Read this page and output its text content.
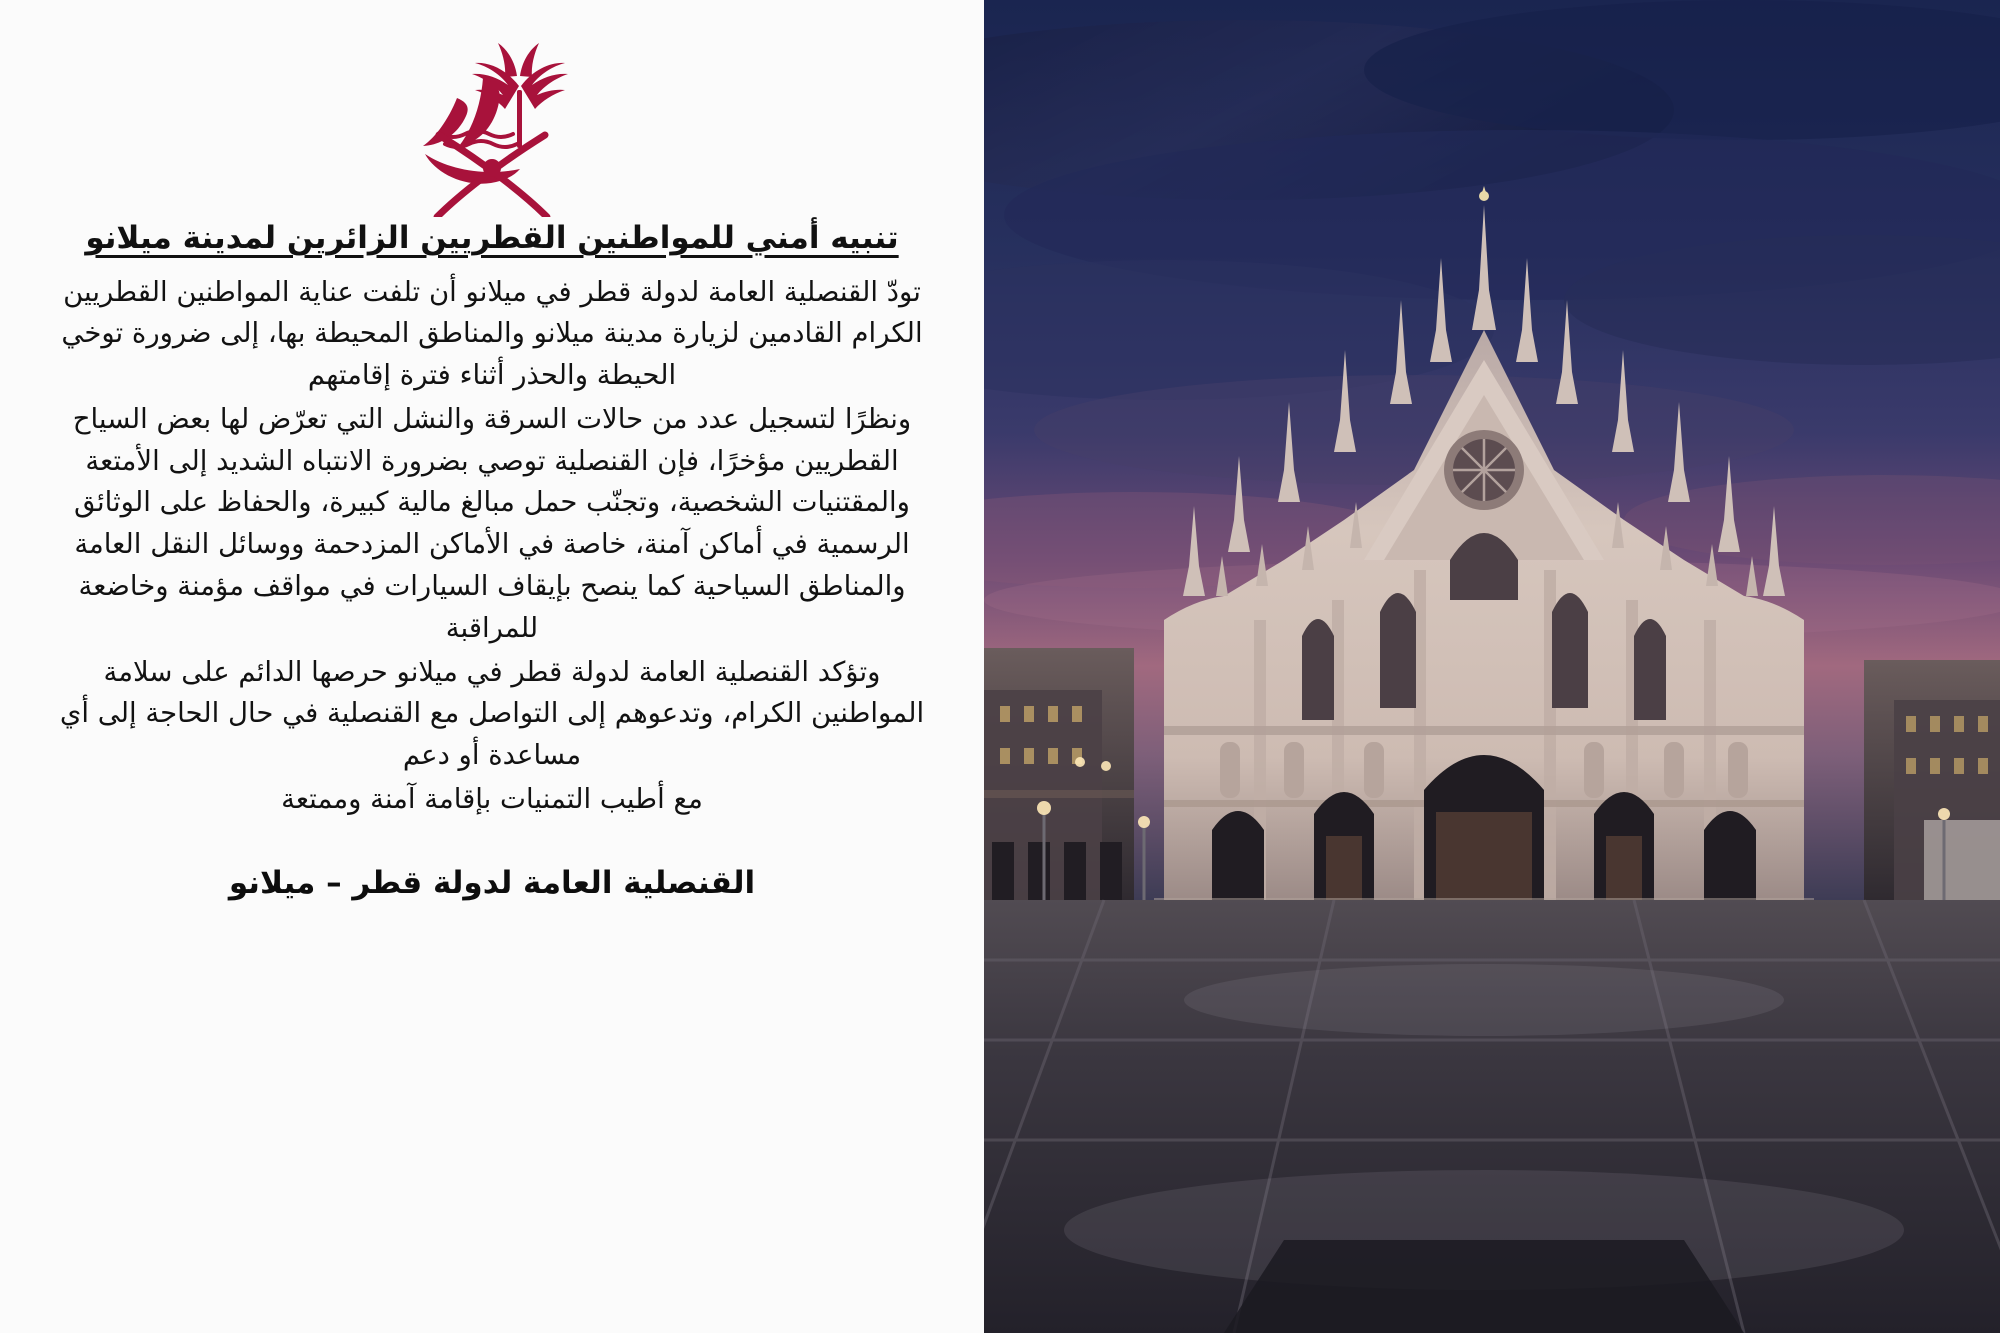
تنبيه أمني للمواطنين القطريين الزائرين لمدينة ميلانو

تودّ القنصلية العامة لدولة قطر في ميلانو أن تلفت عناية المواطنين القطريين الكرام القادمين لزيارة مدينة ميلانو والمناطق المحيطة بها، إلى ضرورة توخي الحيطة والحذر أثناء فترة إقامتهم

ونظرًا لتسجيل عدد من حالات السرقة والنشل التي تعرّض لها بعض السياح القطريين مؤخرًا، فإن القنصلية توصي بضرورة الانتباه الشديد إلى الأمتعة والمقتنيات الشخصية، وتجنّب حمل مبالغ مالية كبيرة، والحفاظ على الوثائق الرسمية في أماكن آمنة، خاصة في الأماكن المزدحمة ووسائل النقل العامة والمناطق السياحية كما ينصح بإيقاف السيارات في مواقف مؤمنة وخاضعة للمراقبة

وتؤكد القنصلية العامة لدولة قطر في ميلانو حرصها الدائم على سلامة المواطنين الكرام، وتدعوهم إلى التواصل مع القنصلية في حال الحاجة إلى أي مساعدة أو دعم

مع أطيب التمنيات بإقامة آمنة وممتعة

القنصلية العامة لدولة قطر – ميلانو
